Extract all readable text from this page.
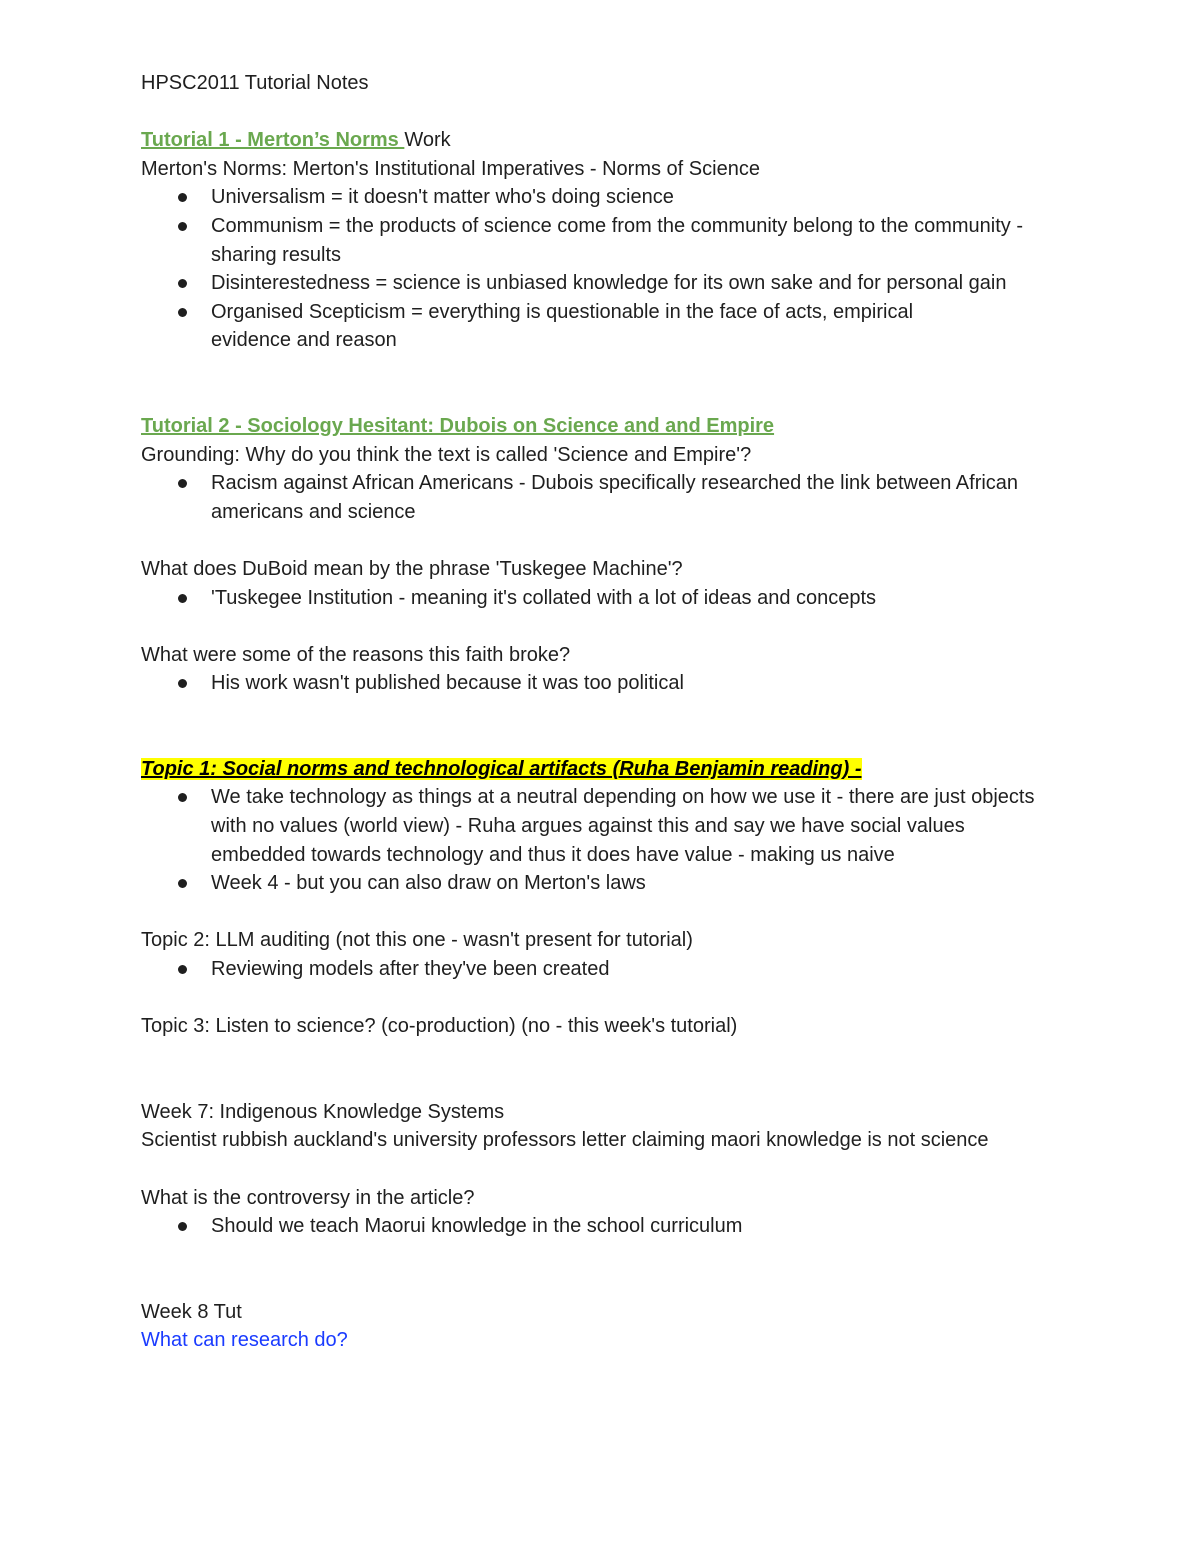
HPSC2011 Tutorial Notes
Tutorial 1 - Merton’s Norms Work
Merton's Norms: Merton's Institutional Imperatives - Norms of Science
Universalism = it doesn't matter who's doing science
Communism = the products of science come from the community belong to the community - sharing results
Disinterestedness = science is unbiased knowledge for its own sake and for personal gain
Organised Scepticism = everything is questionable in the face of acts, empirical evidence and reason
Tutorial 2 - Sociology Hesitant: Dubois on Science and and Empire
Grounding: Why do you think the text is called 'Science and Empire'?
Racism against African Americans - Dubois specifically researched the link between African americans and science
What does DuBoid mean by the phrase 'Tuskegee Machine'?
'Tuskegee Institution - meaning it's collated with a lot of ideas and concepts
What were some of the reasons this faith broke?
His work wasn't published because it was too political
Topic 1: Social norms and technological artifacts (Ruha Benjamin reading) -
We take technology as things at a neutral depending on how we use it - there are just objects with no values (world view) - Ruha argues against this and say we have social values embedded towards technology and thus it does have value - making us naive
Week 4 - but you can also draw on Merton's laws
Topic 2: LLM auditing (not this one - wasn't present for tutorial)
Reviewing models after they've been created
Topic 3: Listen to science? (co-production) (no - this week's tutorial)
Week 7: Indigenous Knowledge Systems
Scientist rubbish auckland's university professors letter claiming maori knowledge is not science
What is the controversy in the article?
Should we teach Maorui knowledge in the school curriculum
Week 8 Tut
What can research do?
